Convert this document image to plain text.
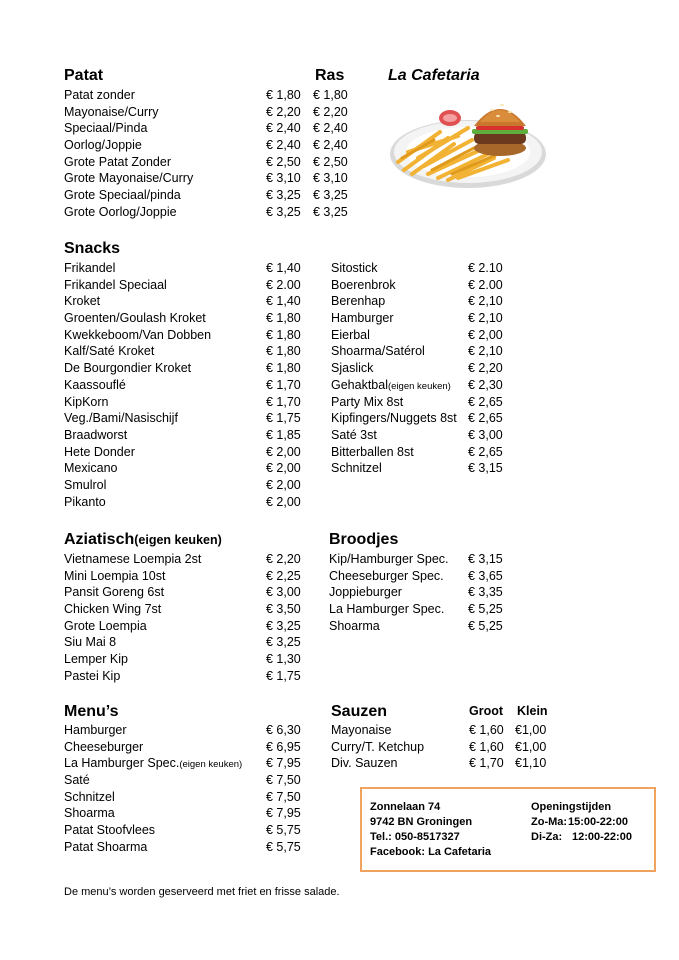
Patat	Ras	La Cafetaria
Patat zonder	€ 1,80 € 1,80
Mayonaise/Curry	€ 2,20 € 2,20
Speciaal/Pinda	€ 2,40 € 2,40
Oorlog/Joppie	€ 2,40 € 2,40
Grote Patat Zonder	€ 2,50 € 2,50
Grote Mayonaise/Curry	€ 3,10 € 3,10
Grote Speciaal/pinda	€ 3,25 € 3,25
Grote Oorlog/Joppie	€ 3,25 € 3,25
Snacks
Frikandel	€ 1,40
Frikandel Speciaal	€ 2.00
Kroket	€ 1,40
Groenten/Goulash Kroket	€ 1,80
Kwekkeboom/Van Dobben	€ 1,80
Kalf/Saté Kroket	€ 1,80
De Bourgondier Kroket	€ 1,80
Kaassouflé	€ 1,70
KipKorn	€ 1,70
Veg./Bami/Nasischijf	€ 1,75
Braadworst	€ 1,85
Hete Donder	€ 2,00
Mexicano	€ 2,00
Smulrol	€ 2,00
Pikanto	€ 2,00
Sitostick	€ 2.10
Boerenbrok	€ 2.00
Berenhap	€ 2,10
Hamburger	€ 2,10
Eierbal	€ 2,00
Shoarma/Satérol	€ 2,10
Sjaslick	€ 2,20
Gehaktbal(eigen keuken) € 2,30
Party Mix 8st	€ 2,65
Kipfingers/Nuggets 8st € 2,65
Saté 3st	€ 3,00
Bitterballen 8st	€ 2,65
Schnitzel	€ 3,15
Aziatisch(eigen keuken)
Vietnamese Loempia 2st	€ 2,20
Mini Loempia 10st	€ 2,25
Pansit Goreng 6st	€ 3,00
Chicken Wing 7st	€ 3,50
Grote Loempia	€ 3,25
Siu Mai 8	€ 3,25
Lemper Kip	€ 1,30
Pastei Kip	€ 1,75
Broodjes
Kip/Hamburger Spec. € 3,15
Cheeseburger Spec. € 3,65
Joppieburger	€ 3,35
La Hamburger Spec. € 5,25
Shoarma	€ 5,25
Menu’s
Hamburger	€ 6,30
Cheeseburger	€ 6,95
La Hamburger Spec.(eigen keuken) € 7,95
Saté	€ 7,50
Schnitzel	€ 7,50
Shoarma	€ 7,95
Patat Stoofvlees	€ 5,75
Patat Shoarma	€ 5,75
Sauzen	Groot Klein
Mayonaise	€ 1,60 €1,00
Curry/T. Ketchup	€ 1,60 €1,00
Div. Sauzen	€ 1,70 €1,10
Zonnelaan 74
9742 BN Groningen
Tel.: 050-8517327
Facebook: La Cafetaria
Openingstijden
Zo-Ma: 15:00-22:00
Di-Za: 12:00-22:00
De menu’s worden geserveerd met friet en frisse salade.
